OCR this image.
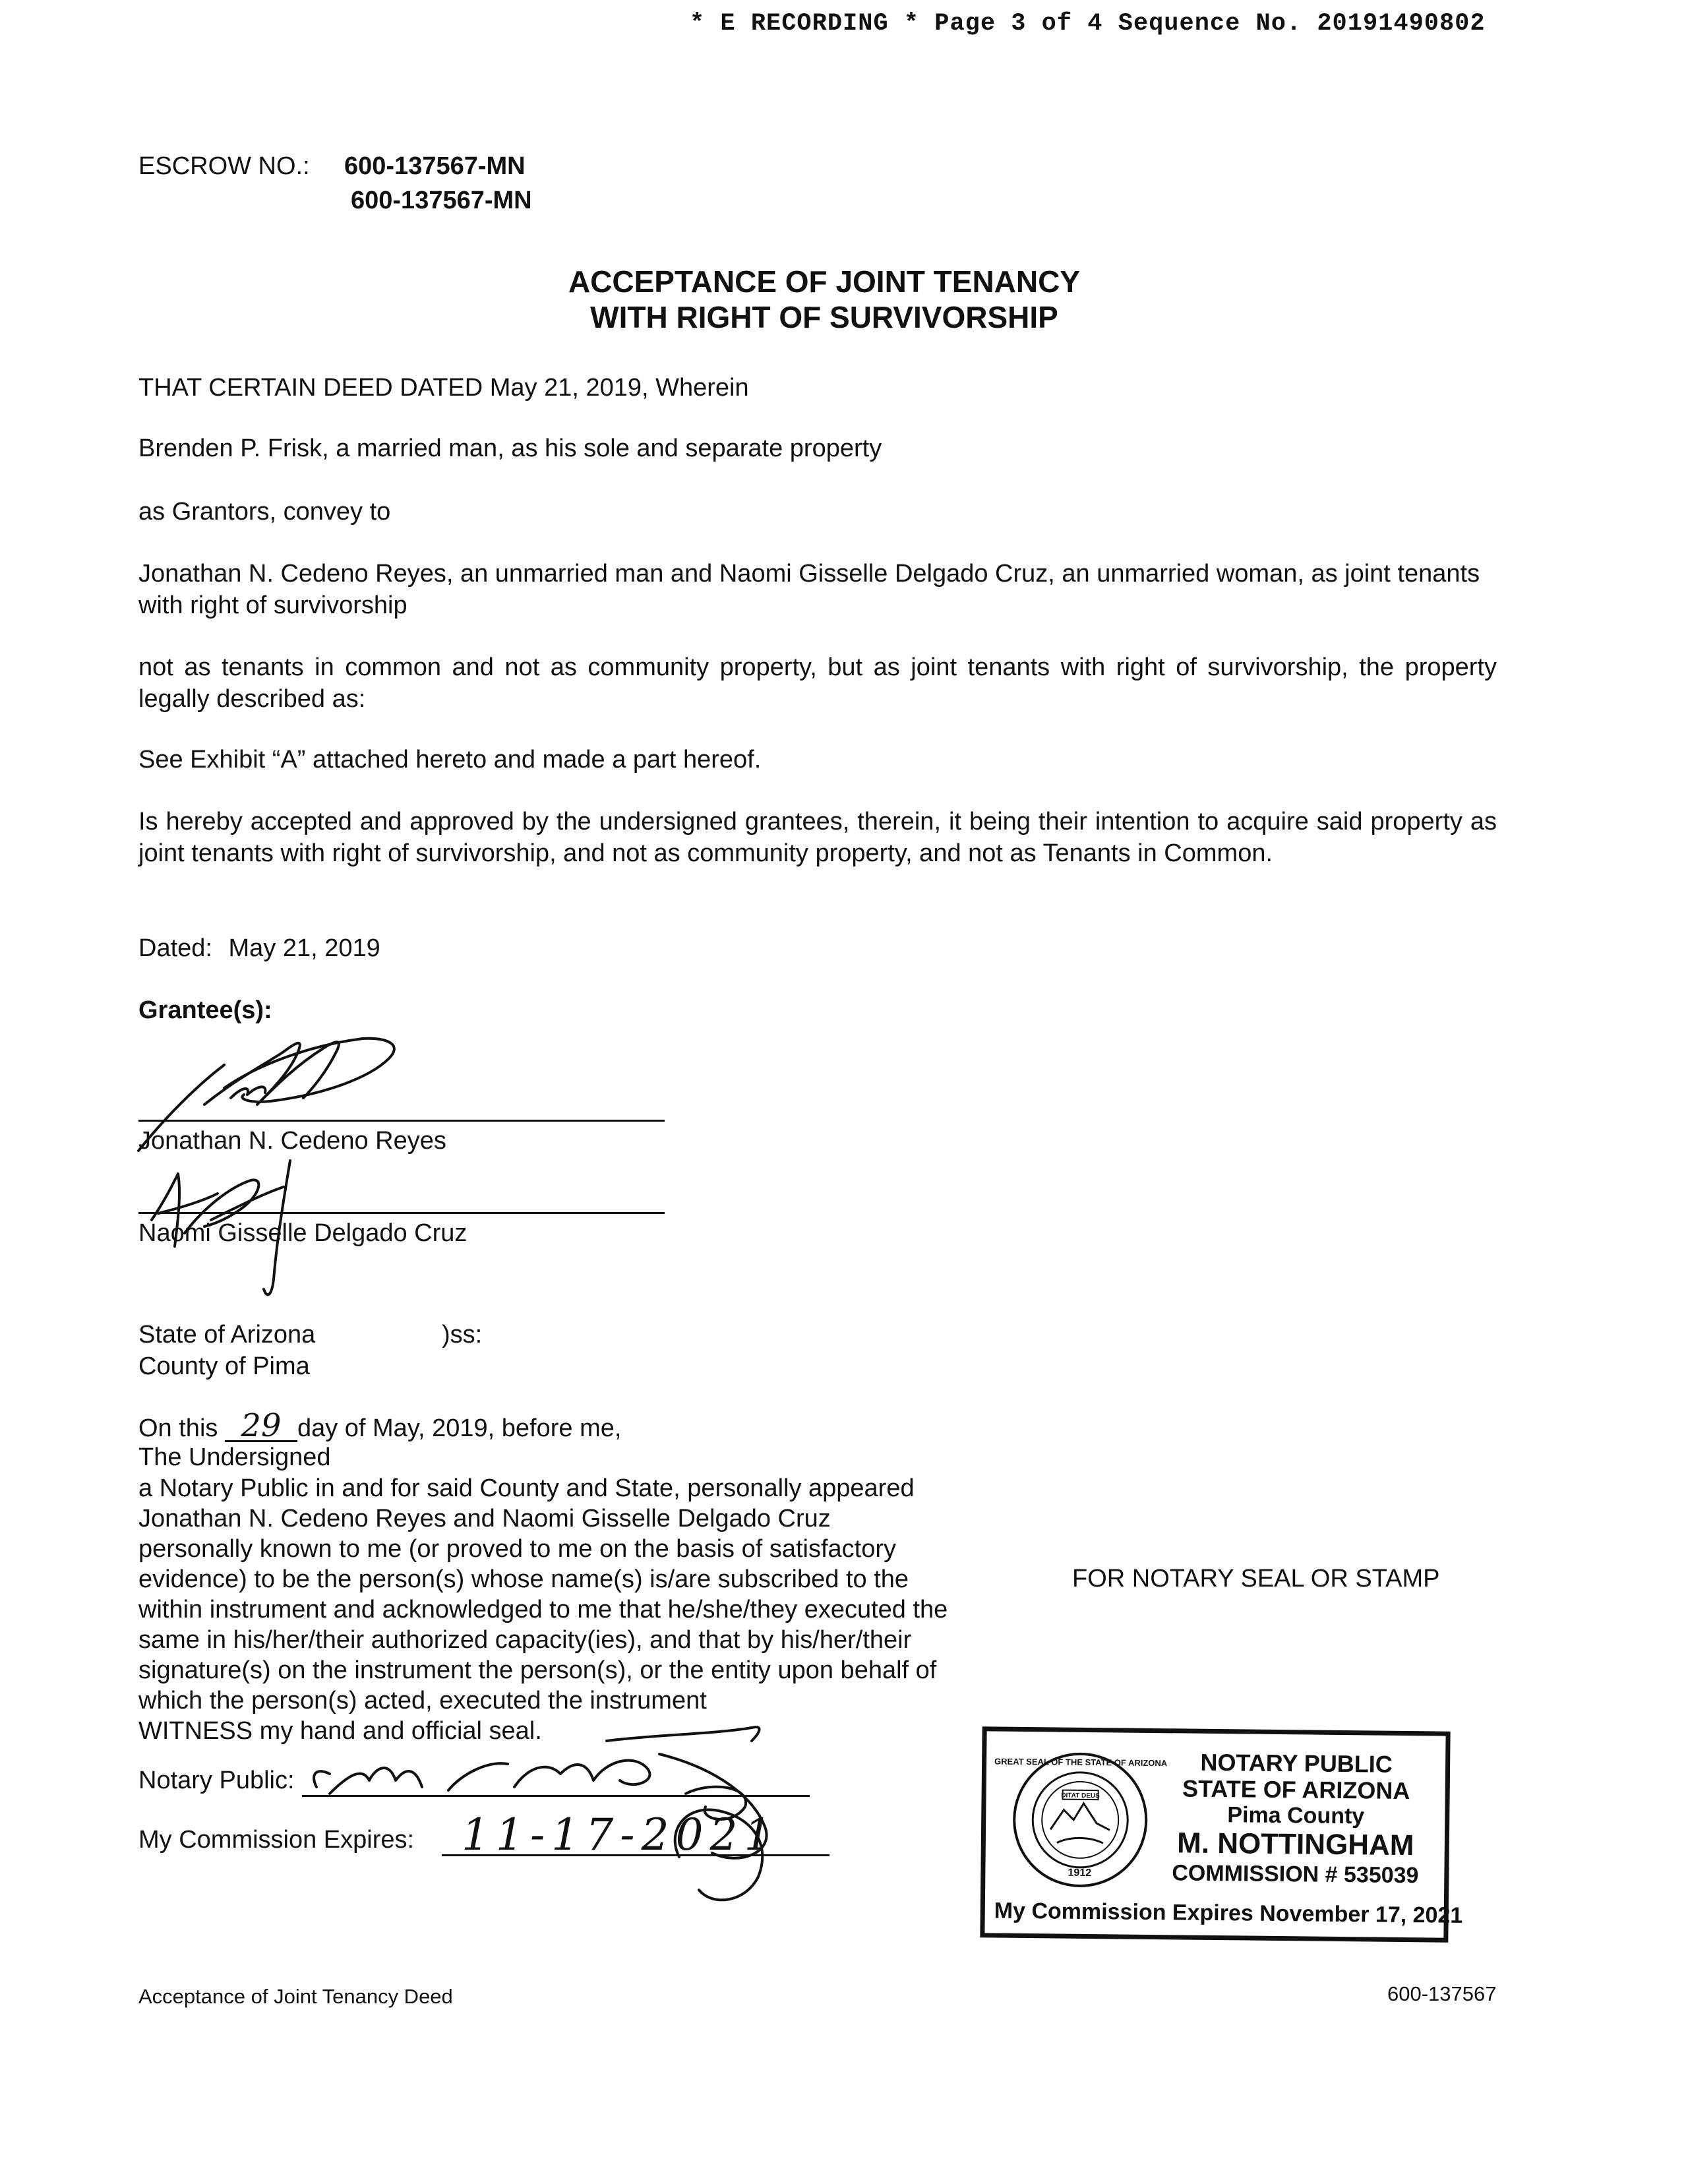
* E RECORDING * Page 3 of 4 Sequence No. 20191490802
ESCROW NO.: 600-137567-MN
600-137567-MN
ACCEPTANCE OF JOINT TENANCY
WITH RIGHT OF SURVIVORSHIP
THAT CERTAIN DEED DATED May 21, 2019, Wherein
Brenden P. Frisk, a married man, as his sole and separate property
as Grantors, convey to
Jonathan N. Cedeno Reyes, an unmarried man and Naomi Gisselle Delgado Cruz, an unmarried woman, as joint tenants with right of survivorship
not as tenants in common and not as community property, but as joint tenants with right of survivorship, the property legally described as:
See Exhibit “A” attached hereto and made a part hereof.
Is hereby accepted and approved by the undersigned grantees, therein, it being their intention to acquire said property as joint tenants with right of survivorship, and not as community property, and not as Tenants in Common.
Dated: May 21, 2019
Grantee(s):
Jonathan N. Cedeno Reyes
Naomi Gisselle Delgado Cruz
State of Arizona
County of Pima
)ss:
On this 29 day of May, 2019, before me,
The Undersigned
a Notary Public in and for said County and State, personally appeared
Jonathan N. Cedeno Reyes and Naomi Gisselle Delgado Cruz
personally known to me (or proved to me on the basis of satisfactory
evidence) to be the person(s) whose name(s) is/are subscribed to the
within instrument and acknowledged to me that he/she/they executed the
same in his/her/their authorized capacity(ies), and that by his/her/their
signature(s) on the instrument the person(s), or the entity upon behalf of
which the person(s) acted, executed the instrument
WITNESS my hand and official seal.
FOR NOTARY SEAL OR STAMP
Notary Public:
My Commission Expires: 11-17-2021
1912
DITAT DEUS
GREAT SEAL OF THE STATE OF ARIZONA	NOTARY PUBLIC
STATE OF ARIZONA
Pima County
M. NOTTINGHAM
COMMISSION # 535039
My Commission Expires November 17, 2021
Acceptance of Joint Tenancy Deed	600-137567
